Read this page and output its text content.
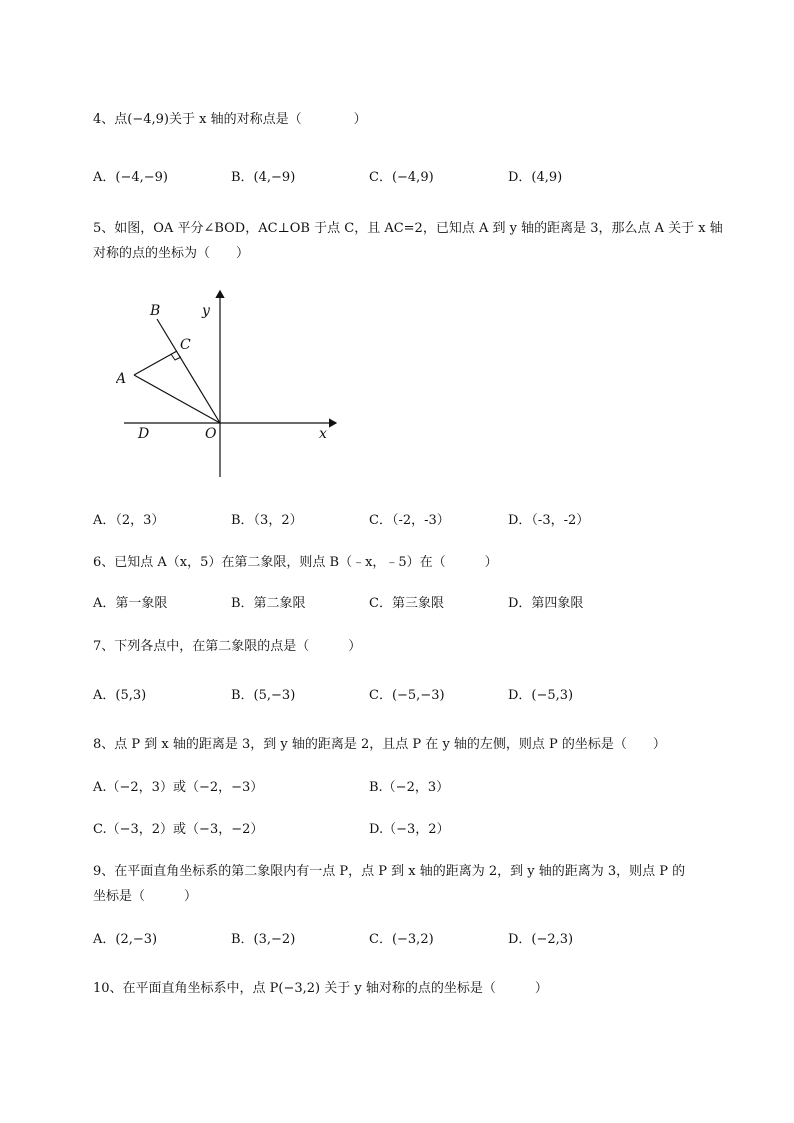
4、点(−4,9)关于 x 轴的对称点是（　　　　）
A．(−4,−9)	B．(4,−9)	C．(−4,9)	D．(4,9)
5、如图，OA 平分∠BOD，AC⊥OB 于点 C，且 AC=2，已知点 A 到 y 轴的距离是 3，那么点 A 关于 x 轴
对称的点的坐标为（　　）
B	y
C
A
D	O	x
A．（2，3）	B．（3，2）	C．（-2，-3）	D．（-3，-2）
6、已知点 A（x，5）在第二象限，则点 B（﹣x，﹣5）在（　　　）
A．第一象限	B．第二象限	C．第三象限	D．第四象限
7、下列各点中，在第二象限的点是（　　　）
A．(5,3)	B．(5,−3)	C．(−5,−3)	D．(−5,3)
8、点 P 到 x 轴的距离是 3，到 y 轴的距离是 2，且点 P 在 y 轴的左侧，则点 P 的坐标是（　　）
A.（−2，3）或（−2，−3）	B.（−2，3）
C.（−3，2）或（−3，−2）	D.（−3，2）
9、在平面直角坐标系的第二象限内有一点 P，点 P 到 x 轴的距离为 2，到 y 轴的距离为 3，则点 P 的
坐标是（　　　）
A．(2,−3)	B．(3,−2)	C．(−3,2)	D．(−2,3)
10、在平面直角坐标系中，点 P(−3,2) 关于 y 轴对称的点的坐标是（　　　）
